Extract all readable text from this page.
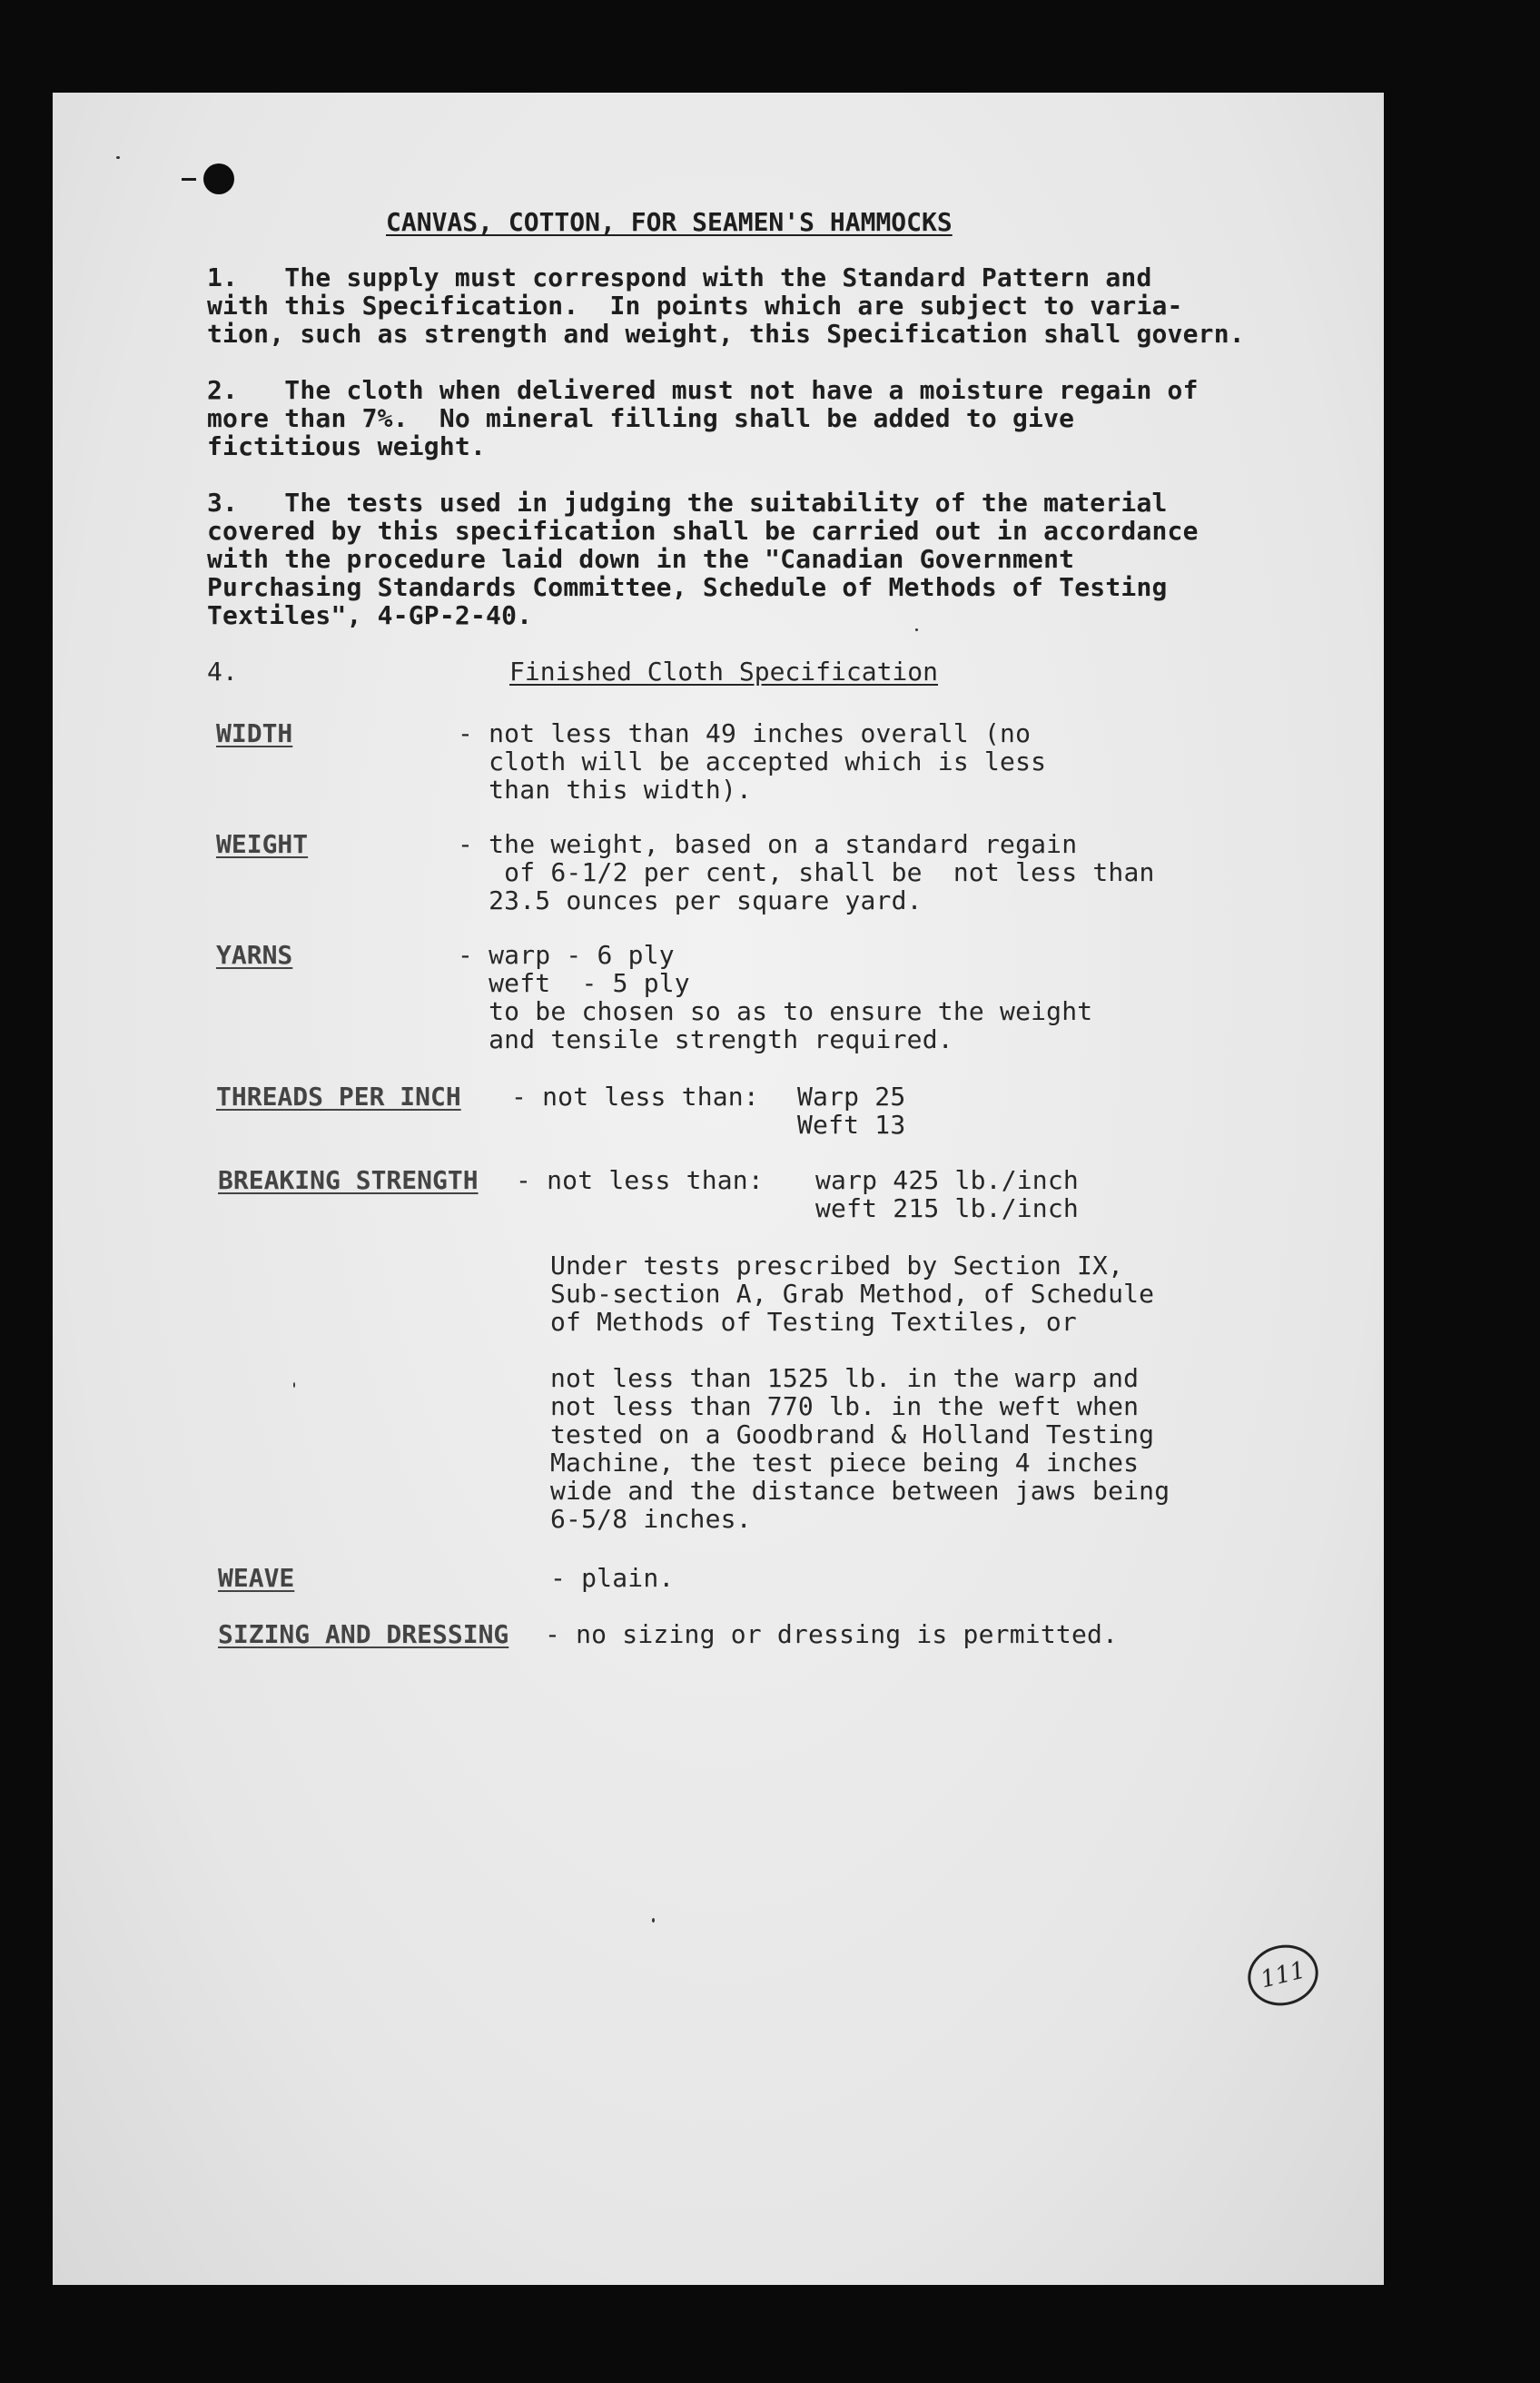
CANVAS, COTTON, FOR SEAMEN'S HAMMOCKS
1.   The supply must correspond with the Standard Pattern and
with this Specification.  In points which are subject to varia-
tion, such as strength and weight, this Specification shall govern.
2.   The cloth when delivered must not have a moisture regain of
more than 7%.  No mineral filling shall be added to give
fictitious weight.
3.   The tests used in judging the suitability of the material
covered by this specification shall be carried out in accordance
with the procedure laid down in the "Canadian Government
Purchasing Standards Committee, Schedule of Methods of Testing
Textiles", 4-GP-2-40.
4.	Finished Cloth Specification
WIDTH	- not less than 49 inches overall (no
cloth will be accepted which is less
than this width).
WEIGHT	- the weight, based on a standard regain
of 6-1/2 per cent, shall be  not less than
23.5 ounces per square yard.
YARNS	- warp - 6 ply
weft  - 5 ply
to be chosen so as to ensure the weight
and tensile strength required.
THREADS PER INCH - not less than: Warp 25
Weft 13
BREAKING STRENGTH - not less than: warp 425 lb./inch
weft 215 lb./inch
Under tests prescribed by Section IX,
Sub-section A, Grab Method, of Schedule
of Methods of Testing Textiles, or
not less than 1525 lb. in the warp and
not less than 770 lb. in the weft when
tested on a Goodbrand & Holland Testing
Machine, the test piece being 4 inches
wide and the distance between jaws being
6-5/8 inches.
WEAVE	- plain.
SIZING AND DRESSING - no sizing or dressing is permitted.
111
